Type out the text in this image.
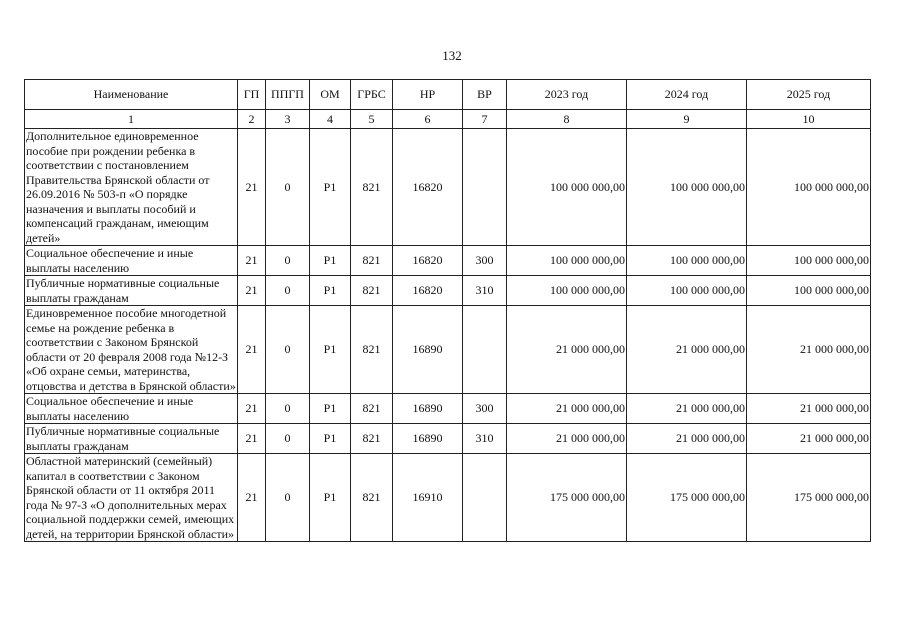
132
Наименование	ГП	ППГП	ОМ	ГРБС	НР	ВР	2023 год	2024 год	2025 год
1	2	3	4	5	6	7	8	9	10
Дополнительное единовременное пособие при рождении ребенка в соответствии с постановлением Правительства Брянской области от 26.09.2016 № 503-п «О порядке назначения и выплаты пособий и компенсаций гражданам, имеющим детей»	21	0	Р1	821	16820		100 000 000,00	100 000 000,00	100 000 000,00
Социальное обеспечение и иные выплаты населению	21	0	Р1	821	16820	300	100 000 000,00	100 000 000,00	100 000 000,00
Публичные нормативные социальные выплаты гражданам	21	0	Р1	821	16820	310	100 000 000,00	100 000 000,00	100 000 000,00
Единовременное пособие многодетной семье на рождение ребенка в соответствии с Законом Брянской области от 20 февраля 2008 года №12-З «Об охране семьи, материнства, отцовства и детства в Брянской области»	21	0	Р1	821	16890		21 000 000,00	21 000 000,00	21 000 000,00
Социальное обеспечение и иные выплаты населению	21	0	Р1	821	16890	300	21 000 000,00	21 000 000,00	21 000 000,00
Публичные нормативные социальные выплаты гражданам	21	0	Р1	821	16890	310	21 000 000,00	21 000 000,00	21 000 000,00
Областной материнский (семейный) капитал в соответствии с Законом Брянской области от 11 октября 2011 года № 97-З «О дополнительных мерах социальной поддержки семей, имеющих детей, на территории Брянской области»	21	0	Р1	821	16910		175 000 000,00	175 000 000,00	175 000 000,00
